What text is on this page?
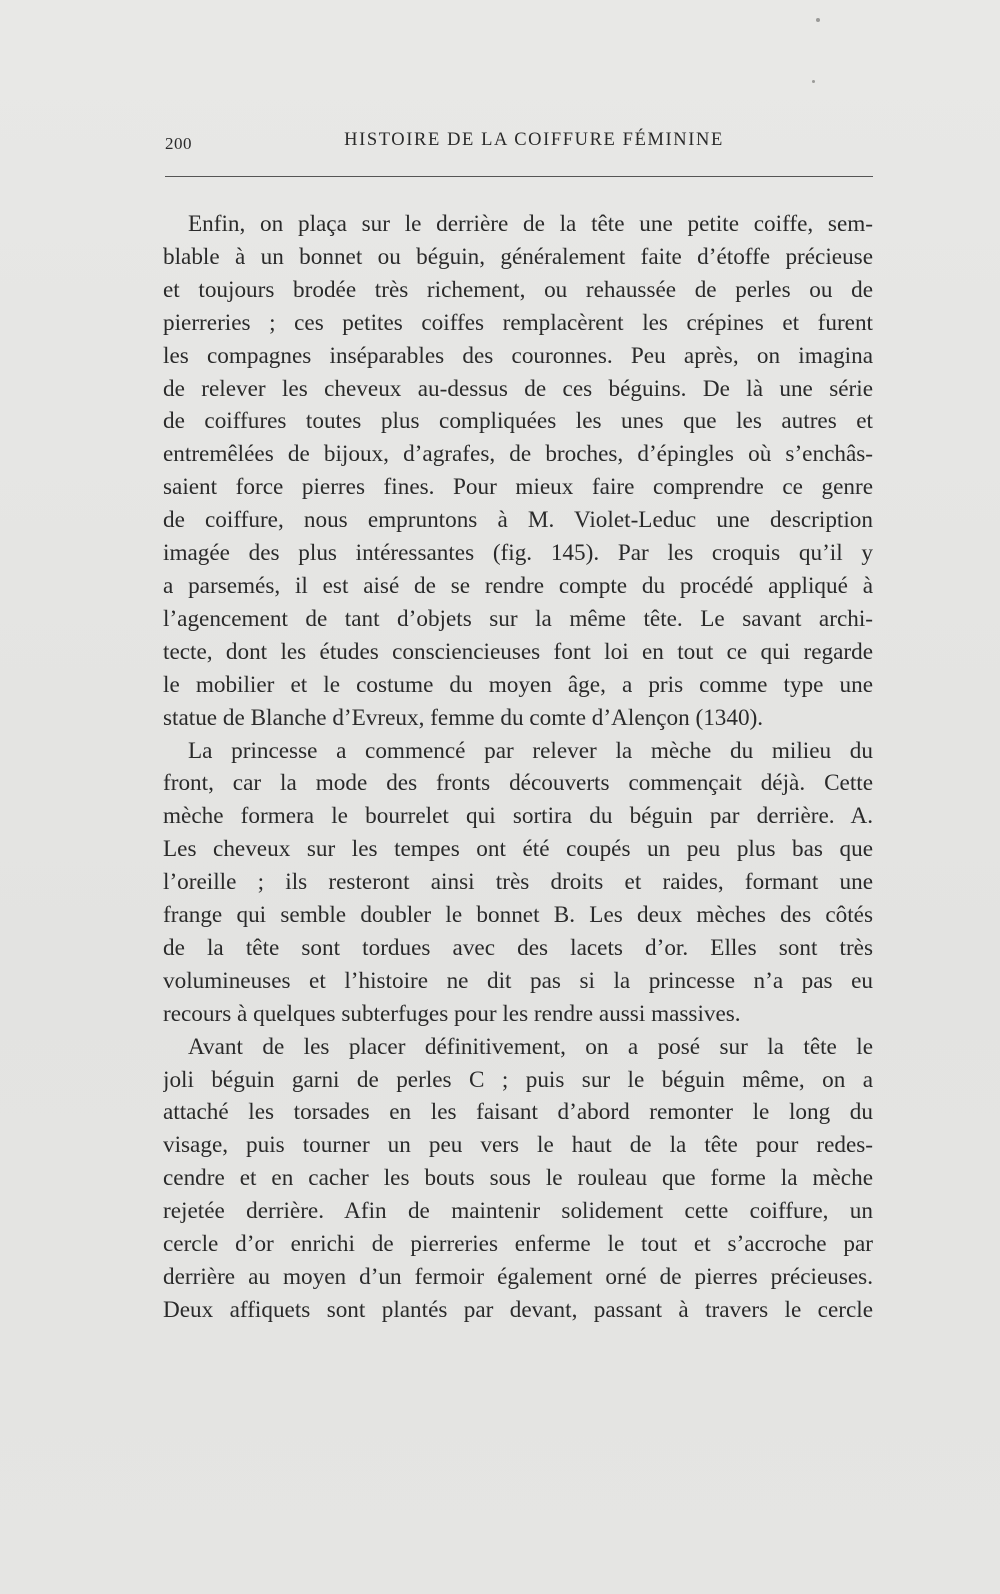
200	HISTOIRE DE LA COIFFURE FÉMININE

Enfin, on plaça sur le derrière de la tête une petite coiffe, sem-
blable à un bonnet ou béguin, généralement faite d’étoffe précieuse
et toujours brodée très richement, ou rehaussée de perles ou de
pierreries ; ces petites coiffes remplacèrent les crépines et furent
les compagnes inséparables des couronnes. Peu après, on imagina
de relever les cheveux au-dessus de ces béguins. De là une série
de coiffures toutes plus compliquées les unes que les autres et
entremêlées de bijoux, d’agrafes, de broches, d’épingles où s’enchâs-
saient force pierres fines. Pour mieux faire comprendre ce genre
de coiffure, nous empruntons à M. Violet-Leduc une description
imagée des plus intéressantes (fig. 145). Par les croquis qu’il y
a parsemés, il est aisé de se rendre compte du procédé appliqué à
l’agencement de tant d’objets sur la même tête. Le savant archi-
tecte, dont les études consciencieuses font loi en tout ce qui regarde
le mobilier et le costume du moyen âge, a pris comme type une
statue de Blanche d’Evreux, femme du comte d’Alençon (1340).

La princesse a commencé par relever la mèche du milieu du
front, car la mode des fronts découverts commençait déjà. Cette
mèche formera le bourrelet qui sortira du béguin par derrière. A.
Les cheveux sur les tempes ont été coupés un peu plus bas que
l’oreille ; ils resteront ainsi très droits et raides, formant une
frange qui semble doubler le bonnet B. Les deux mèches des côtés
de la tête sont tordues avec des lacets d’or. Elles sont très
volumineuses et l’histoire ne dit pas si la princesse n’a pas eu
recours à quelques subterfuges pour les rendre aussi massives.

Avant de les placer définitivement, on a posé sur la tête le
joli béguin garni de perles C ; puis sur le béguin même, on a
attaché les torsades en les faisant d’abord remonter le long du
visage, puis tourner un peu vers le haut de la tête pour redes-
cendre et en cacher les bouts sous le rouleau que forme la mèche
rejetée derrière. Afin de maintenir solidement cette coiffure, un
cercle d’or enrichi de pierreries enferme le tout et s’accroche par
derrière au moyen d’un fermoir également orné de pierres précieuses.
Deux affiquets sont plantés par devant, passant à travers le cercle
